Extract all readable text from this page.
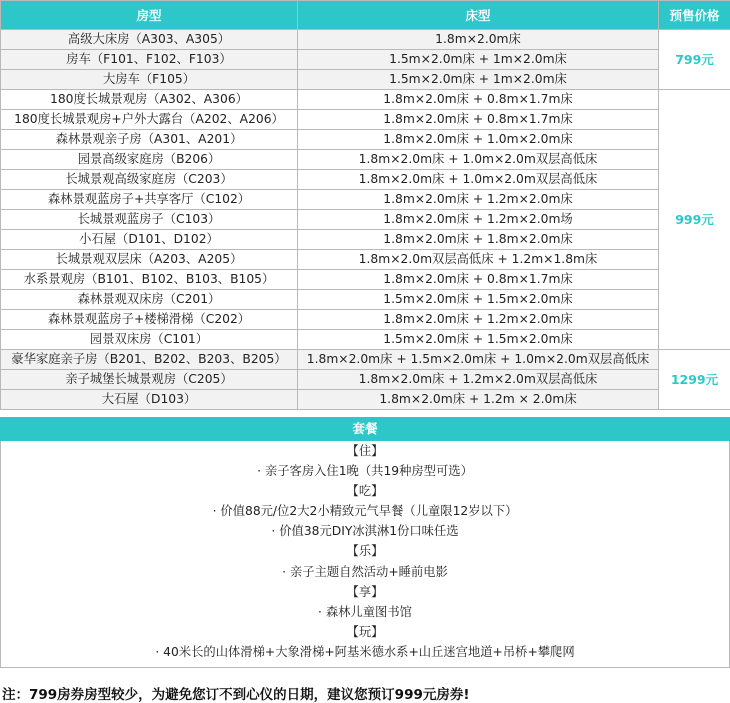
房型	床型	预售价格
高级大床房（A303、A305）	1.8m×2.0m床	799元
房车（F101、F102、F103）	1.5m×2.0m床 + 1m×2.0m床	
大房车（F105）	1.5m×2.0m床 + 1m×2.0m床	
180度长城景观房（A302、A306）	1.8m×2.0m床 + 0.8m×1.7m床	999元
180度长城景观房+户外大露台（A202、A206）	1.8m×2.0m床 + 0.8m×1.7m床	
森林景观亲子房（A301、A201）	1.8m×2.0m床 + 1.0m×2.0m床	
园景高级家庭房（B206）	1.8m×2.0m床 + 1.0m×2.0m双层高低床	
长城景观高级家庭房（C203）	1.8m×2.0m床 + 1.0m×2.0m双层高低床	
森林景观蓝房子+共享客厅（C102）	1.8m×2.0m床 + 1.2m×2.0m床	
长城景观蓝房子（C103）	1.8m×2.0m床 + 1.2m×2.0m场	
小石屋（D101、D102）	1.8m×2.0m床 + 1.8m×2.0m床	
长城景观双层床（A203、A205）	1.8m×2.0m双层高低床 + 1.2m×1.8m床	
水系景观房（B101、B102、B103、B105）	1.8m×2.0m床 + 0.8m×1.7m床	
森林景观双床房（C201）	1.5m×2.0m床 + 1.5m×2.0m床	
森林景观蓝房子+楼梯滑梯（C202）	1.8m×2.0m床 + 1.2m×2.0m床	
园景双床房（C101）	1.5m×2.0m床 + 1.5m×2.0m床	
豪华家庭亲子房（B201、B202、B203、B205）	1.8m×2.0m床 + 1.5m×2.0m床 + 1.0m×2.0m双层高低床	1299元
亲子城堡长城景观房（C205）	1.8m×2.0m床 + 1.2m×2.0m双层高低床	
大石屋（D103）	1.8m×2.0m床 + 1.2m × 2.0m床	
套餐
【住】
· 亲子客房入住1晚（共19种房型可选）
【吃】
· 价值88元/位2大2小精致元气早餐（儿童限12岁以下）
· 价值38元DIY冰淇淋1份口味任选
【乐】
· 亲子主题自然活动+睡前电影
【享】
· 森林儿童图书馆
【玩】
· 40米长的山体滑梯+大象滑梯+阿基米德水系+山丘迷宫地道+吊桥+攀爬网
注：799房券房型较少，为避免您订不到心仪的日期，建议您预订999元房券!
